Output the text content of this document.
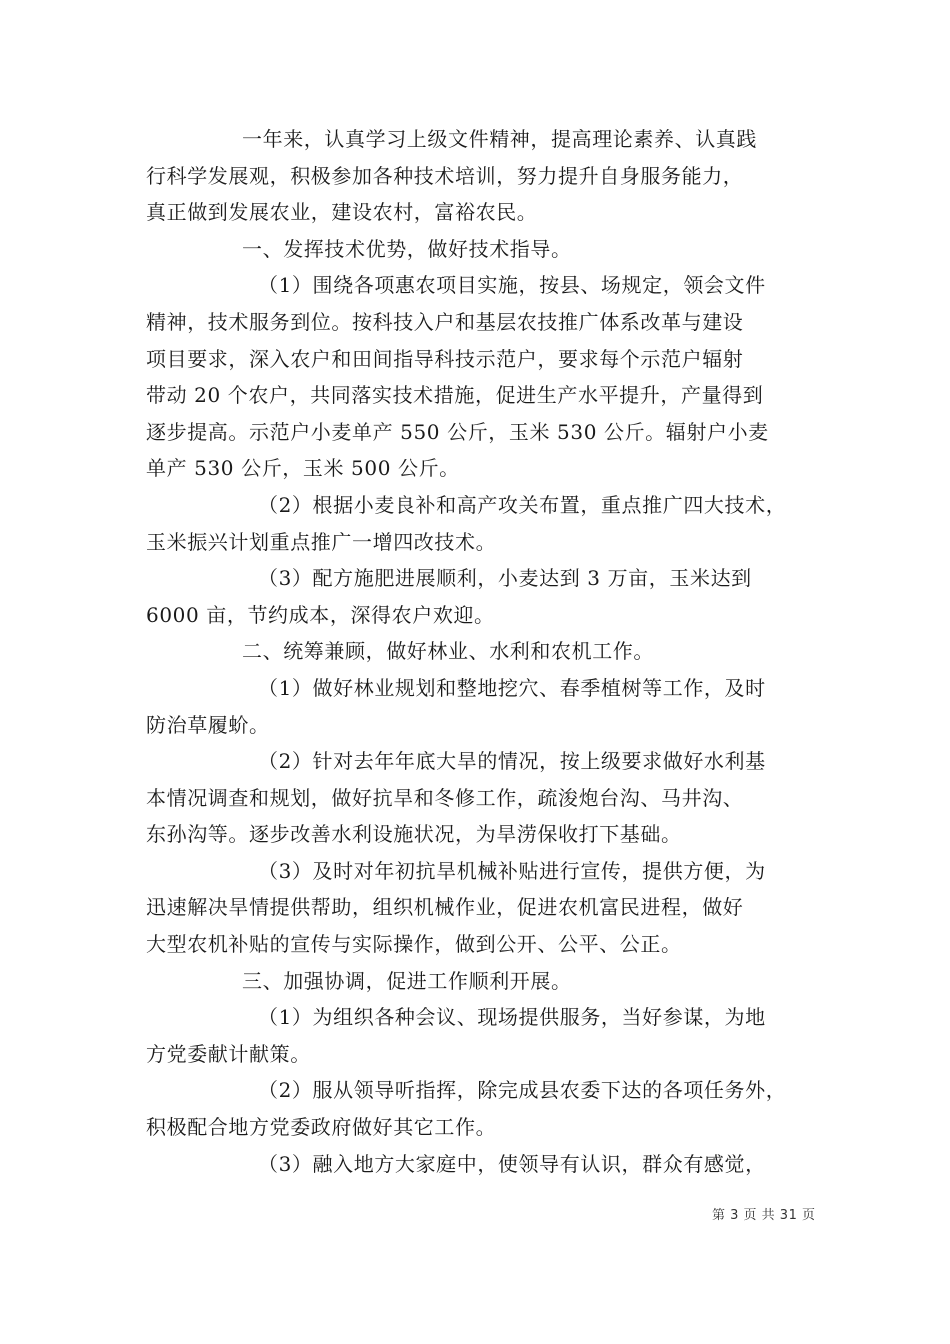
一年来，认真学习上级文件精神，提高理论素养、认真践
行科学发展观，积极参加各种技术培训，努力提升自身服务能力，
真正做到发展农业，建设农村，富裕农民。
一、发挥技术优势，做好技术指导。
（1）围绕各项惠农项目实施，按县、场规定，领会文件
精神，技术服务到位。按科技入户和基层农技推广体系改革与建设
项目要求，深入农户和田间指导科技示范户，要求每个示范户辐射
带动 20 个农户，共同落实技术措施，促进生产水平提升，产量得到
逐步提高。示范户小麦单产 550 公斤，玉米 530 公斤。辐射户小麦
单产 530 公斤，玉米 500 公斤。
（2）根据小麦良补和高产攻关布置，重点推广四大技术，
玉米振兴计划重点推广一增四改技术。
（3）配方施肥进展顺利，小麦达到 3 万亩，玉米达到
6000 亩，节约成本，深得农户欢迎。
二、统筹兼顾，做好林业、水利和农机工作。
（1）做好林业规划和整地挖穴、春季植树等工作，及时
防治草履蚧。
（2）针对去年年底大旱的情况，按上级要求做好水利基
本情况调查和规划，做好抗旱和冬修工作，疏浚炮台沟、马井沟、
东孙沟等。逐步改善水利设施状况，为旱涝保收打下基础。
（3）及时对年初抗旱机械补贴进行宣传，提供方便，为
迅速解决旱情提供帮助，组织机械作业，促进农机富民进程，做好
大型农机补贴的宣传与实际操作，做到公开、公平、公正。
三、加强协调，促进工作顺利开展。
（1）为组织各种会议、现场提供服务，当好参谋，为地
方党委献计献策。
（2）服从领导听指挥，除完成县农委下达的各项任务外，
积极配合地方党委政府做好其它工作。
（3）融入地方大家庭中，使领导有认识，群众有感觉，
第 3 页 共 31 页
